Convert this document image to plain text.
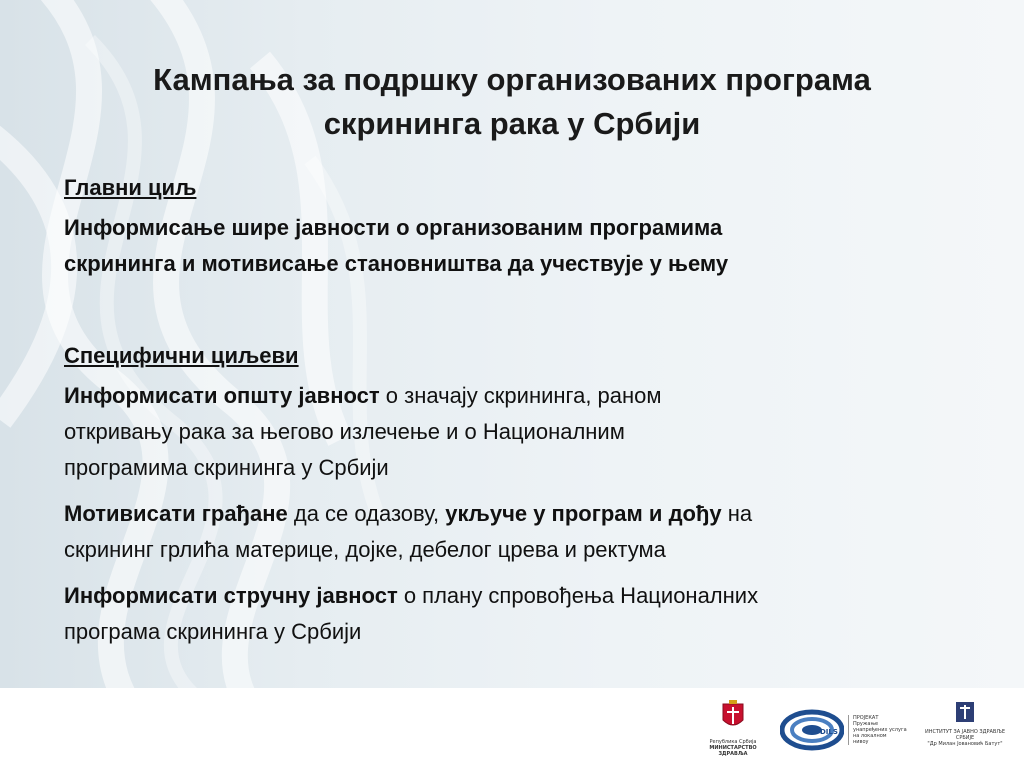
Кампања за подршку организованих програма
скрининга рака у Србији

Главни циљ

Информисање шире јавности о организованим програмима
скрининга и мотивисање становништва да учествује у њему

Специфични циљеви

Информисати општу јавност о значају скрининга, раном
откривању рака за његово излечење и о Националним
програмима скрининга у Србији

Мотивисати грађане да се одазову, укључе у програм и дођу на
скрининг грлића материце, дојке, дебелог црева и ректума

Информисати стручну јавност о плану спровођења Националних
програма скрининга у Србији

Република Србија
МИНИСТАРСТВО ЗДРАВЉА
DILS
ПРОЈЕКАТ
Пружање
унапређених услуга
на локалном
нивоу
ИНСТИТУТ ЗА ЈАВНО ЗДРАВЉЕ СРБИЈЕ
"Др Милан Јовановић Батут"
